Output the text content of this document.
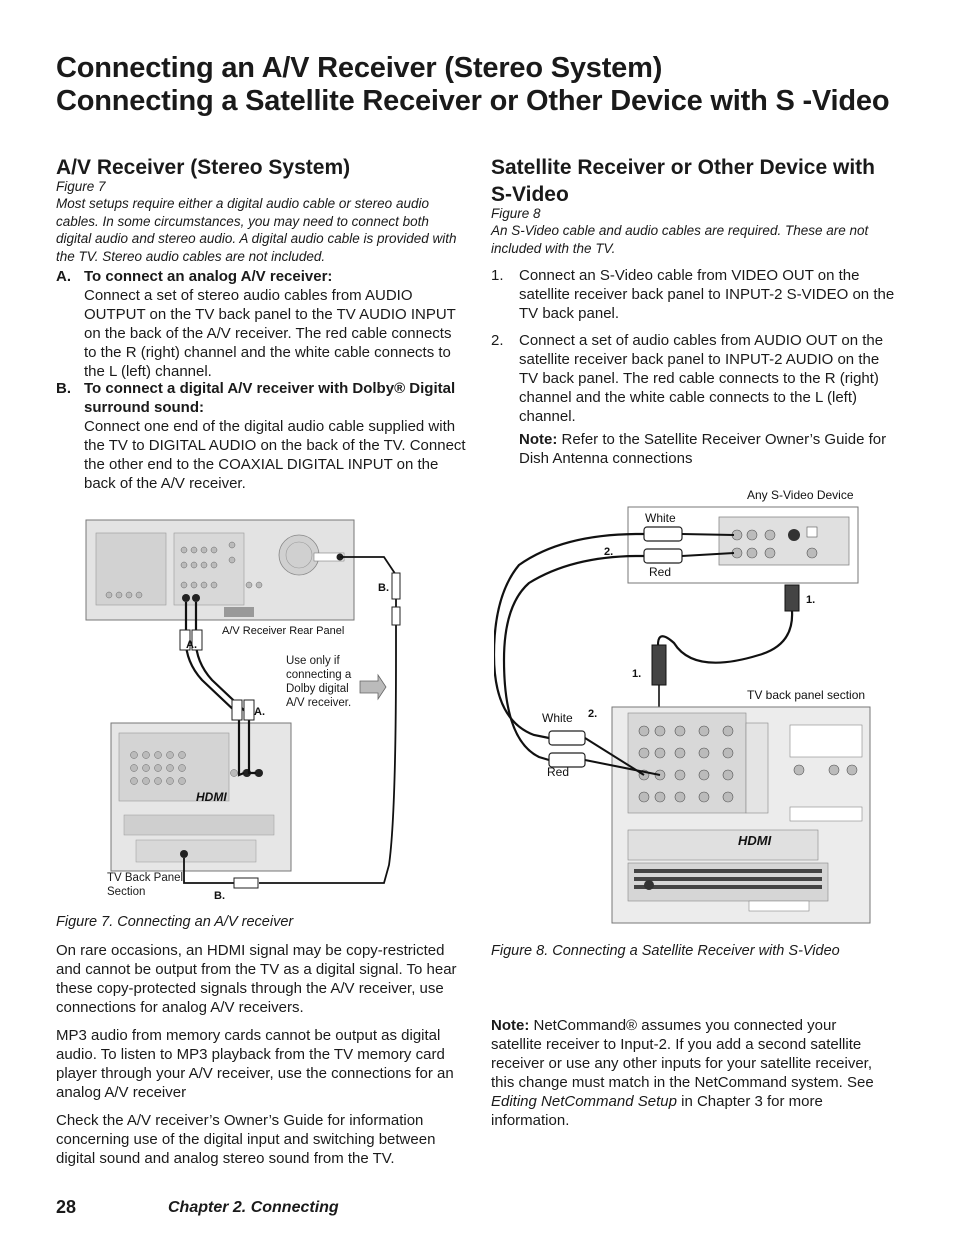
Connecting an A/V Receiver (Stereo System)
Connecting a Satellite Receiver or Other Device with S -Video
A/V Receiver (Stereo System)
Figure 7
Most setups require either a digital audio cable or stereo audio cables. In some circumstances, you may need to connect both digital audio and stereo audio. A digital audio cable is provided with the TV. Stereo audio cables are not included.
A. To connect an analog A/V receiver:
Connect a set of stereo audio cables from AUDIO OUTPUT on the TV back panel to the TV AUDIO INPUT on the back of the A/V receiver. The red cable connects to the R (right) channel and the white cable connects to the L (left) channel.
B. To connect a digital A/V receiver with Dolby® Digital surround sound:
Connect one end of the digital audio cable supplied with the TV to DIGITAL AUDIO on the back of the TV. Connect the other end to the COAXIAL DIGITAL INPUT on the back of the A/V receiver.
A/V Receiver Rear Panel
HDMI
A.
A.
B.
B.
Use only if connecting a Dolby digital A/V receiver.
TV Back Panel Section
Figure 7. Connecting an A/V receiver
On rare occasions, an HDMI signal may be copy-restricted and cannot be output from the TV as a digital signal. To hear these copy-protected signals through the A/V receiver, use connections for analog A/V receivers.
MP3 audio from memory cards cannot be output as digital audio. To listen to MP3 playback from the TV memory card player through your A/V receiver, use the connections for an analog A/V receiver
Check the A/V receiver’s Owner’s Guide for information concerning use of the digital input and switching between digital sound and analog stereo sound from the TV.
Satellite Receiver or Other Device with
S-Video
Figure 8
An S-Video cable and audio cables are required. These are not included with the TV.
1. Connect an S-Video cable from VIDEO OUT on the satellite receiver back panel to INPUT-2 S-VIDEO on the TV back panel.
2. Connect a set of audio cables from AUDIO OUT on the satellite receiver back panel to INPUT-2 AUDIO on the TV back panel. The red cable connects to the R (right) channel and the white cable connects to the L (left) channel.
Note: Refer to the Satellite Receiver Owner’s Guide for Dish Antenna connections
Any S-Video Device
White
Red
2.
1.
1.
TV back panel section
HDMI
White
Red
2.
Figure 8. Connecting a Satellite Receiver with S-Video
Note: NetCommand® assumes you connected your satellite receiver to Input-2. If you add a second satellite receiver or use any other inputs for your satellite receiver, this change must match in the NetCommand system. See Editing NetCommand Setup in Chapter 3 for more information.
28	Chapter 2. Connecting
